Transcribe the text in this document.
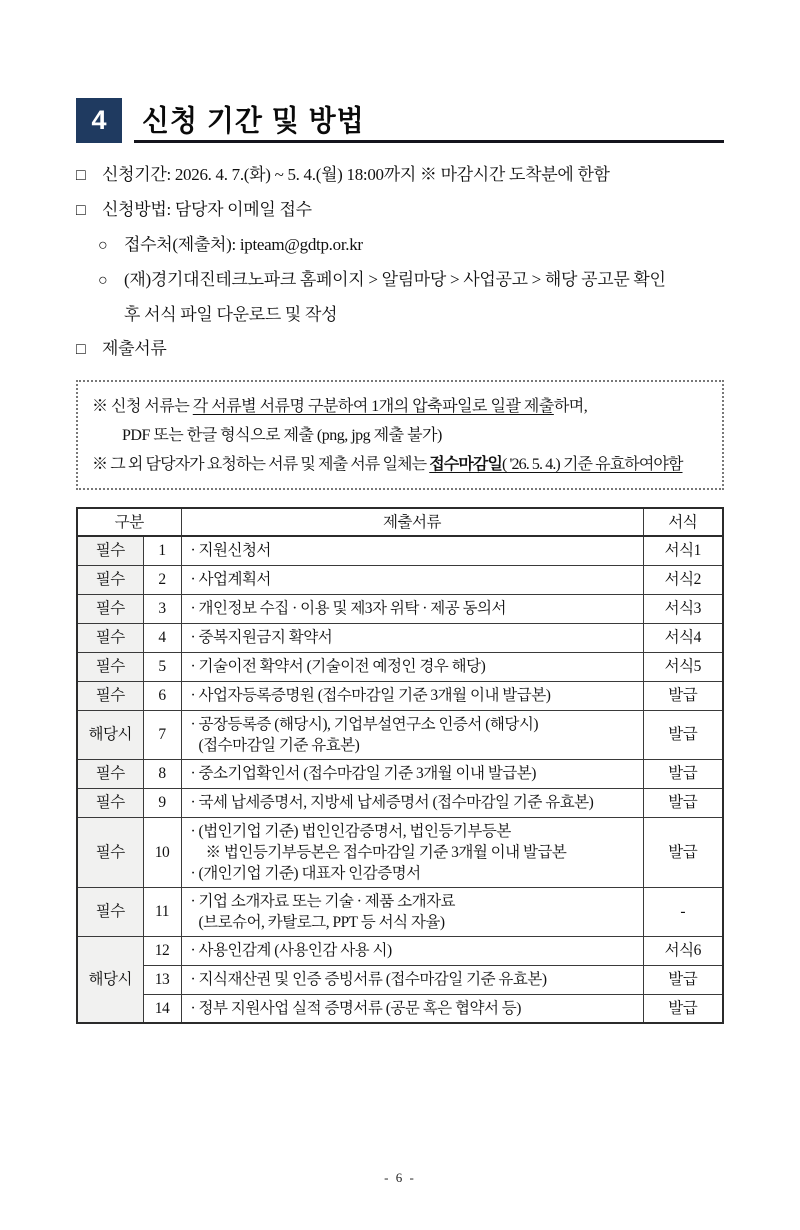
4 신청 기간 및 방법
□ 신청기간: 2026. 4. 7.(화) ~ 5. 4.(월) 18:00까지 ※ 마감시간 도착분에 한함
□ 신청방법: 담당자 이메일 접수
○ 접수처(제출처): ipteam@gdtp.or.kr
○ (재)경기대진테크노파크 홈페이지 > 알림마당 > 사업공고 > 해당 공고문 확인
후 서식 파일 다운로드 및 작성
□ 제출서류
※ 신청 서류는 각 서류별 서류명 구분하여 1개의 압축파일로 일괄 제출하며,
PDF 또는 한글 형식으로 제출 (png, jpg 제출 불가)
※ 그 외 담당자가 요청하는 서류 및 제출 서류 일체는 접수마감일( '26. 5. 4.) 기준 유효하여야함
구분		제출서류	서식
필수	1	· 지원신청서	서식1
필수	2	· 사업계획서	서식2
필수	3	· 개인정보 수집 · 이용 및 제3자 위탁 · 제공 동의서	서식3
필수	4	· 중복지원금지 확약서	서식4
필수	5	· 기술이전 확약서 (기술이전 예정인 경우 해당)	서식5
필수	6	· 사업자등록증명원 (접수마감일 기준 3개월 이내 발급본)	발급
해당시	7	· 공장등록증 (해당시), 기업부설연구소 인증서 (해당시)
(접수마감일 기준 유효본)	발급
필수	8	· 중소기업확인서 (접수마감일 기준 3개월 이내 발급본)	발급
필수	9	· 국세 납세증명서, 지방세 납세증명서 (접수마감일 기준 유효본)	발급
필수	10	· (법인기업 기준) 법인인감증명서, 법인등기부등본
※ 법인등기부등본은 접수마감일 기준 3개월 이내 발급본
· (개인기업 기준) 대표자 인감증명서	발급
필수	11	· 기업 소개자료 또는 기술 · 제품 소개자료
(브로슈어, 카탈로그, PPT 등 서식 자율)	-
해당시	12	· 사용인감계 (사용인감 사용 시)	서식6
	13	· 지식재산권 및 인증 증빙서류 (접수마감일 기준 유효본)	발급
	14	· 정부 지원사업 실적 증명서류 (공문 혹은 협약서 등)	발급
- 6 -
